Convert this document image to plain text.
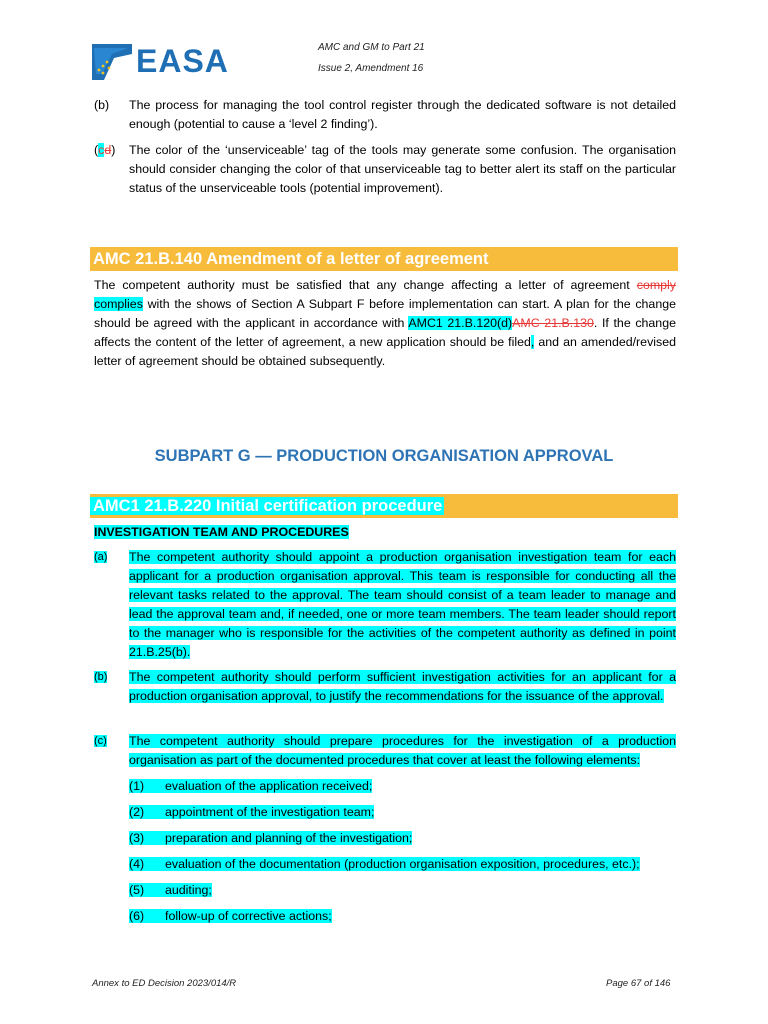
EASA	AMC and GM to Part 21
Issue 2, Amendment 16
(b) The process for managing the tool control register through the dedicated software is not detailed enough (potential to cause a ‘level 2 finding’).
(cd) The color of the ‘unserviceable’ tag of the tools may generate some confusion. The organisation should consider changing the color of that unserviceable tag to better alert its staff on the particular status of the unserviceable tools (potential improvement).
AMC 21.B.140 Amendment of a letter of agreement
The competent authority must be satisfied that any change affecting a letter of agreement comply complies with the shows of Section A Subpart F before implementation can start. A plan for the change should be agreed with the applicant in accordance with AMC1 21.B.120(d)AMC 21.B.130. If the change affects the content of the letter of agreement, a new application should be filed, and an amended/revised letter of agreement should be obtained subsequently.
SUBPART G — PRODUCTION ORGANISATION APPROVAL
AMC1 21.B.220 Initial certification procedure
INVESTIGATION TEAM AND PROCEDURES
(a) The competent authority should appoint a production organisation investigation team for each applicant for a production organisation approval. This team is responsible for conducting all the relevant tasks related to the approval. The team should consist of a team leader to manage and lead the approval team and, if needed, one or more team members. The team leader should report to the manager who is responsible for the activities of the competent authority as defined in point 21.B.25(b).
(b) The competent authority should perform sufficient investigation activities for an applicant for a production organisation approval, to justify the recommendations for the issuance of the approval.
(c) The competent authority should prepare procedures for the investigation of a production organisation as part of the documented procedures that cover at least the following elements:
(1) evaluation of the application received;
(2) appointment of the investigation team;
(3) preparation and planning of the investigation;
(4) evaluation of the documentation (production organisation exposition, procedures, etc.);
(5) auditing;
(6) follow-up of corrective actions;
Annex to ED Decision 2023/014/R	Page 67 of 146
